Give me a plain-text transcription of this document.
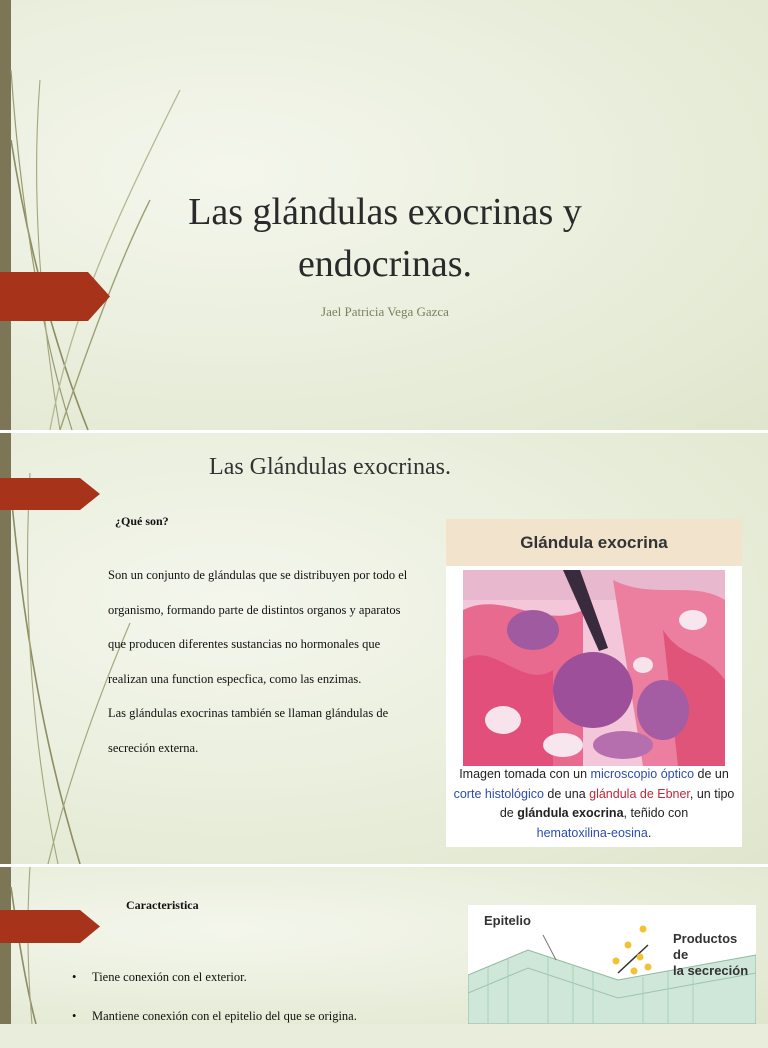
Las glándulas exocrinas y
endocrinas.
Jael Patricia Vega Gazca
Las Glándulas exocrinas.
¿Qué son?

Son un conjunto de glándulas que se distribuyen por todo el organismo, formando parte de distintos organos y aparatos que producen diferentes sustancias no hormonales que realizan una function especfica, como las enzimas.

Las glándulas exocrinas también se llaman glándulas de secreción externa.

Glándula exocrina
Imagen tomada con un microscopio óptico de un
corte histológico de una glándula de Ebner, un tipo de glándula exocrina, teñido con
hematoxilina-eosina.
Caracteristica
• Tiene conexión con el exterior.
• Mantiene conexión con el epitelio del que se origina.
Epitelio
Productos de
la secreción
